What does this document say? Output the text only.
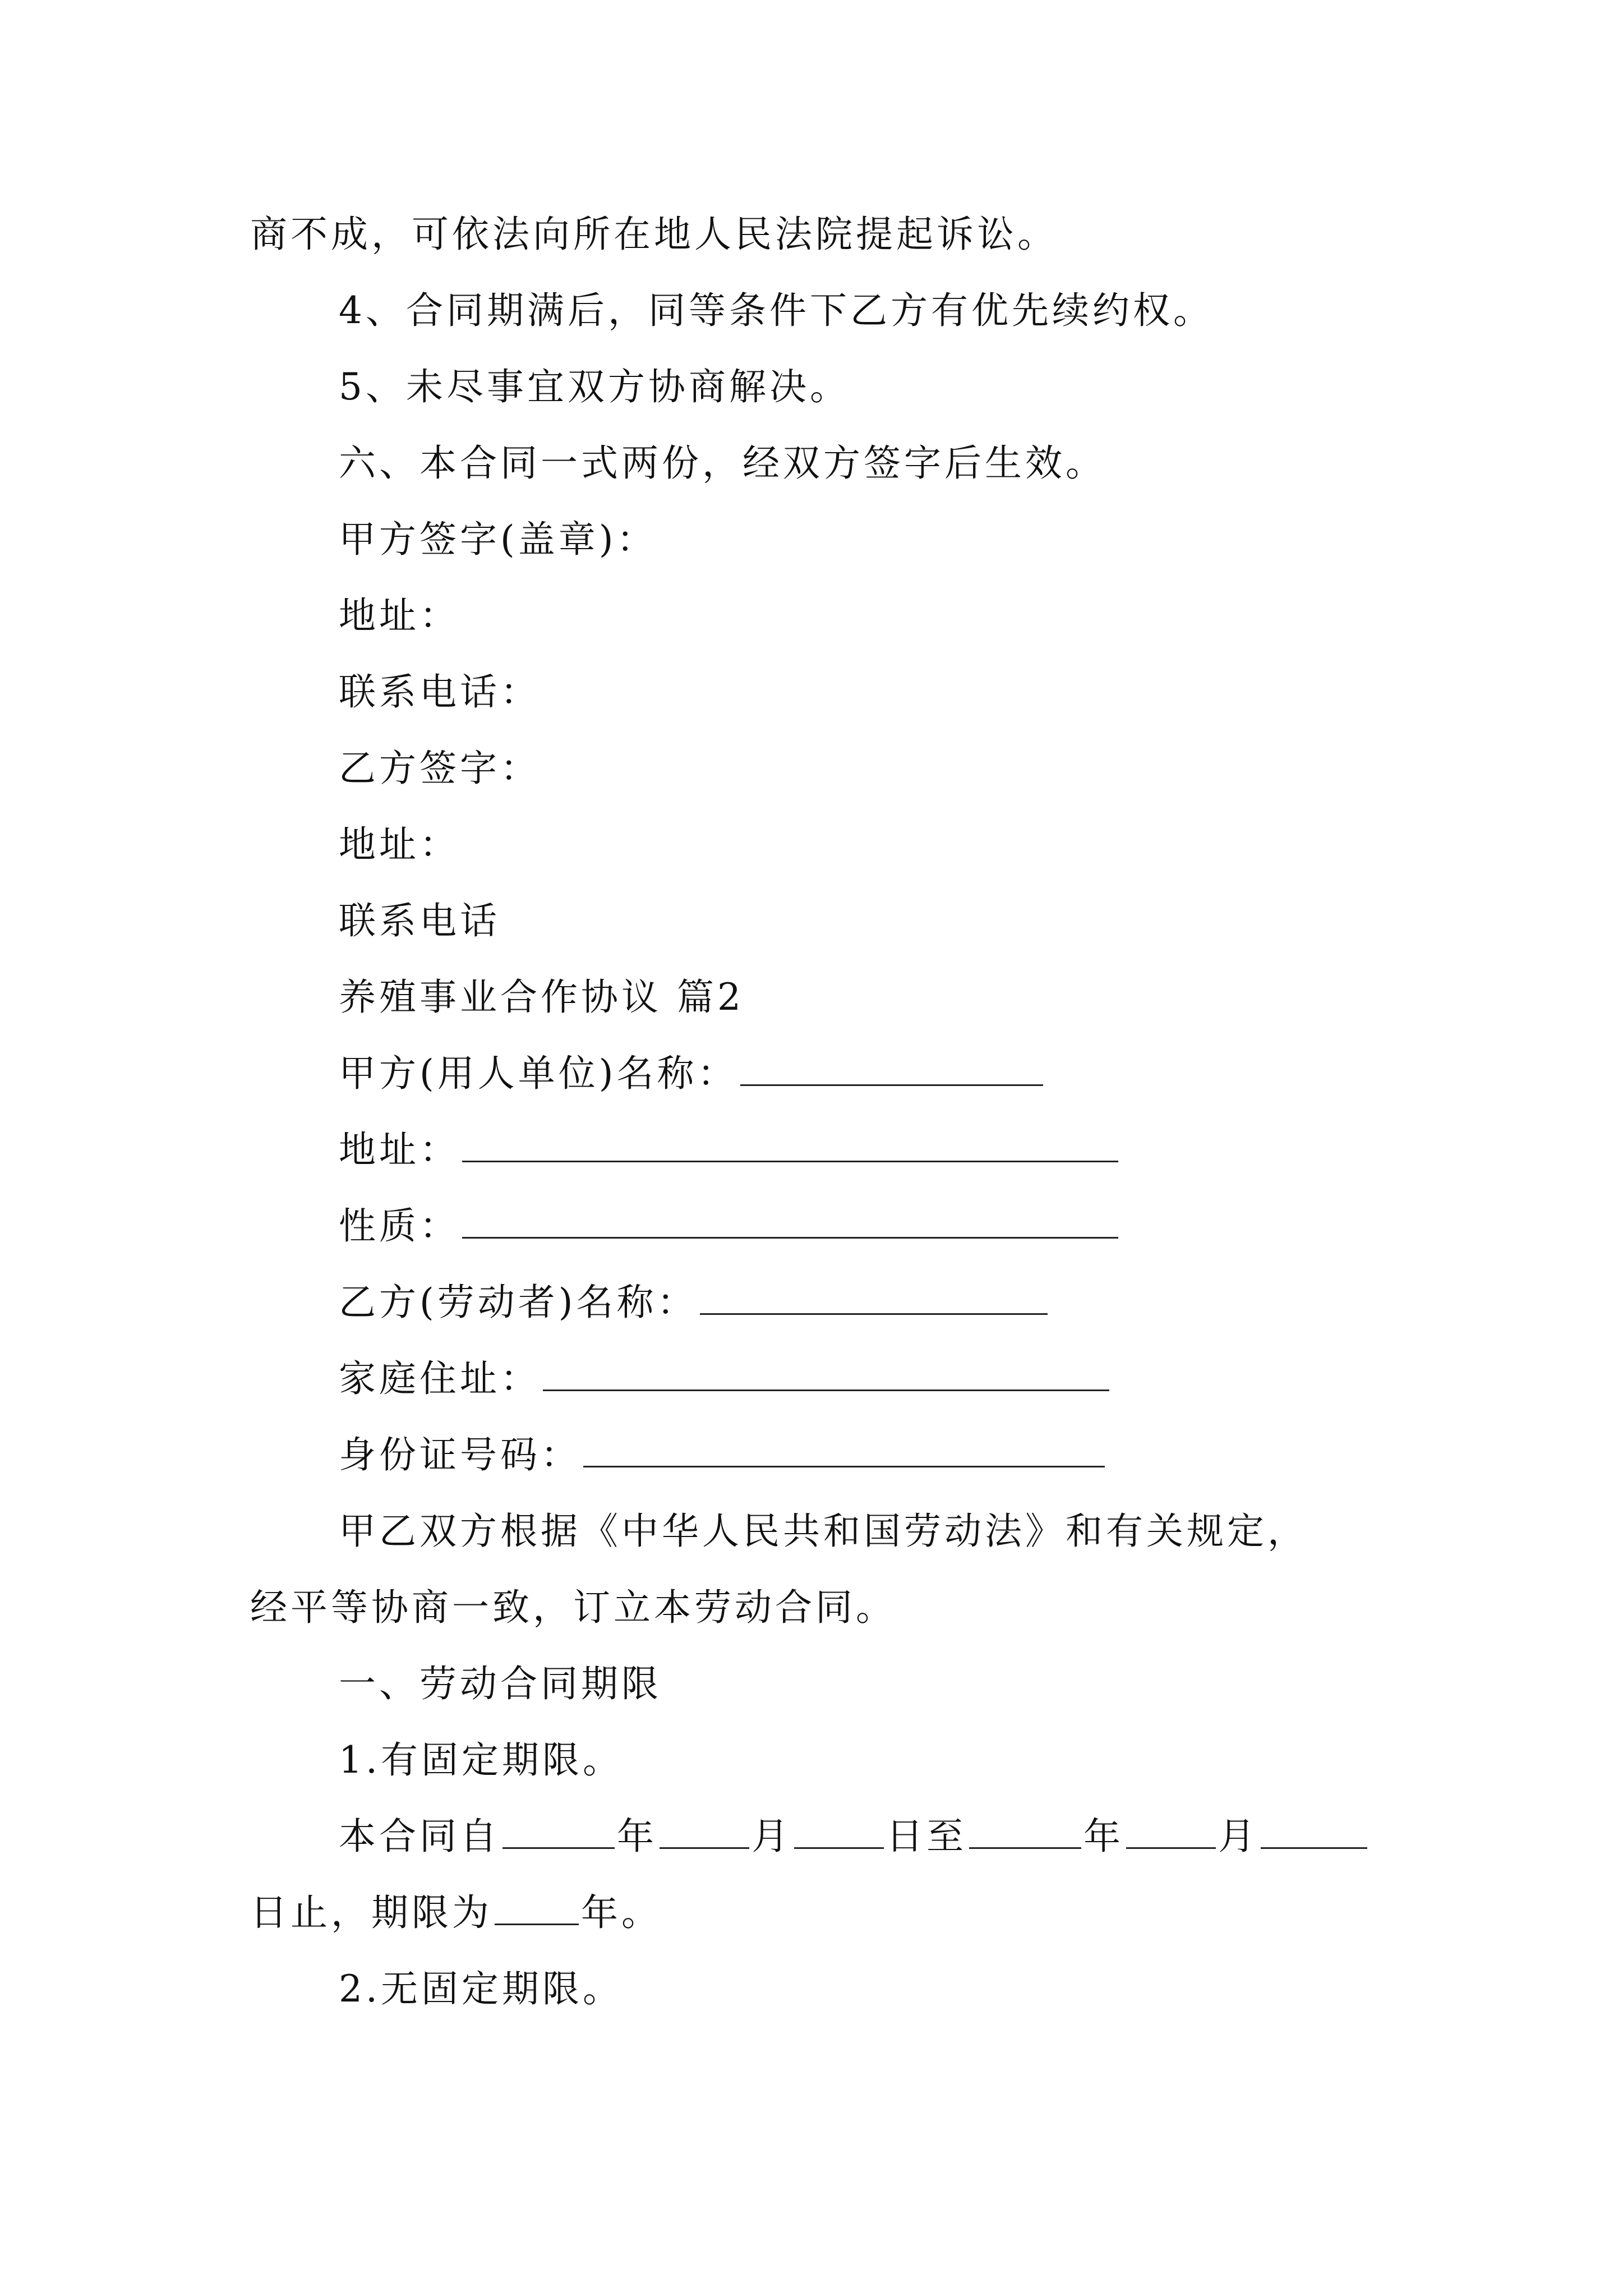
商不成，可依法向所在地人民法院提起诉讼。
4、合同期满后，同等条件下乙方有优先续约权。
5、未尽事宜双方协商解决。
六、本合同一式两份，经双方签字后生效。
甲方签字(盖章)：
地址：
联系电话：
乙方签字：
地址：
联系电话
养殖事业合作协议 篇2
甲方(用人单位)名称：
地址：
性质：
乙方(劳动者)名称：
家庭住址：
身份证号码：
甲乙双方根据《中华人民共和国劳动法》和有关规定，
经平等协商一致，订立本劳动合同。
一、劳动合同期限
1.有固定期限。
本合同自	年	月	日至	年	月
日止，期限为 年。
2.无固定期限。
